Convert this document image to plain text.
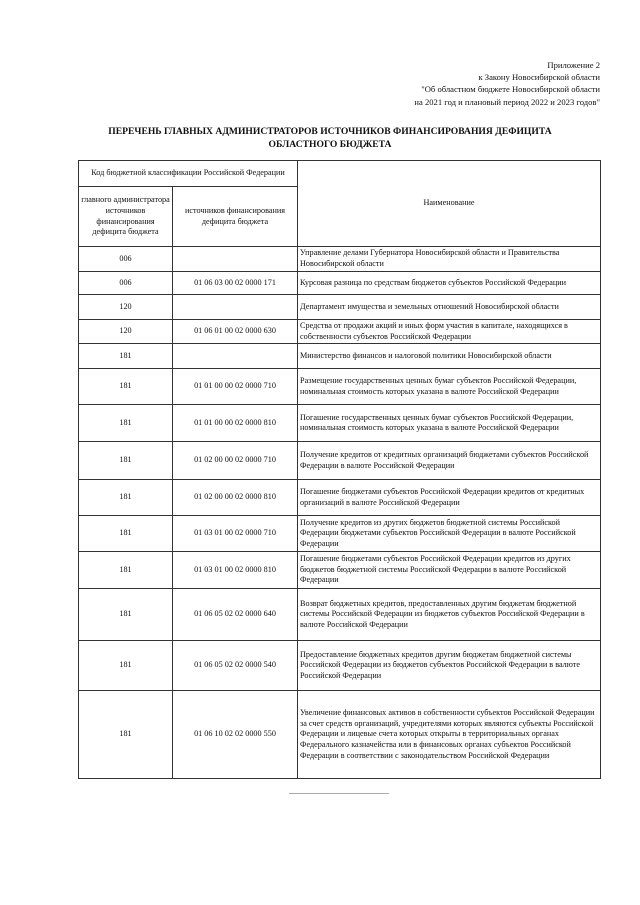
Приложение 2
к Закону Новосибирской области
"Об областном бюджете Новосибирской области
на 2021 год и плановый период 2022 и 2023 годов"
ПЕРЕЧЕНЬ ГЛАВНЫХ АДМИНИСТРАТОРОВ ИСТОЧНИКОВ ФИНАНСИРОВАНИЯ ДЕФИЦИТА
ОБЛАСТНОГО БЮДЖЕТА
Код бюджетной классификации Российской Федерации		Наименование
главного администратора источников финансирования дефицита бюджета	источников финансирования дефицита бюджета	
006		Управление делами Губернатора Новосибирской области и Правительства Новосибирской области
006	01 06 03 00 02 0000 171	Курсовая разница по средствам бюджетов субъектов Российской Федерации
120		Департамент имущества и земельных отношений Новосибирской области
120	01 06 01 00 02 0000 630	Средства от продажи акций и иных форм участия в капитале, находящихся в собственности субъектов Российской Федерации
181		Министерство финансов и налоговой политики Новосибирской области
181	01 01 00 00 02 0000 710	Размещение государственных ценных бумаг субъектов Российской Федерации, номинальная стоимость которых указана в валюте Российской Федерации
181	01 01 00 00 02 0000 810	Погашение государственных ценных бумаг субъектов Российской Федерации, номинальная стоимость которых указана в валюте Российской Федерации
181	01 02 00 00 02 0000 710	Получение кредитов от кредитных организаций бюджетами субъектов Российской Федерации в валюте Российской Федерации
181	01 02 00 00 02 0000 810	Погашение бюджетами субъектов Российской Федерации кредитов от кредитных организаций в валюте Российской Федерации
181	01 03 01 00 02 0000 710	Получение кредитов из других бюджетов бюджетной системы Российской Федерации бюджетами субъектов Российской Федерации в валюте Российской Федерации
181	01 03 01 00 02 0000 810	Погашение бюджетами субъектов Российской Федерации кредитов из других бюджетов бюджетной системы Российской Федерации в валюте Российской Федерации
181	01 06 05 02 02 0000 640	Возврат бюджетных кредитов, предоставленных другим бюджетам бюджетной системы Российской Федерации из бюджетов субъектов Российской Федерации в валюте Российской Федерации
181	01 06 05 02 02 0000 540	Предоставление бюджетных кредитов другим бюджетам бюджетной системы Российской Федерации из бюджетов субъектов Российской Федерации в валюте Российской Федерации
181	01 06 10 02 02 0000 550	Увеличение финансовых активов в собственности субъектов Российской Федерации за счет средств организаций, учредителями которых являются субъекты Российской Федерации и лицевые счета которых открыты в территориальных органах Федерального казначейства или в финансовых органах субъектов Российской Федерации в соответствии с законодательством Российской Федерации
